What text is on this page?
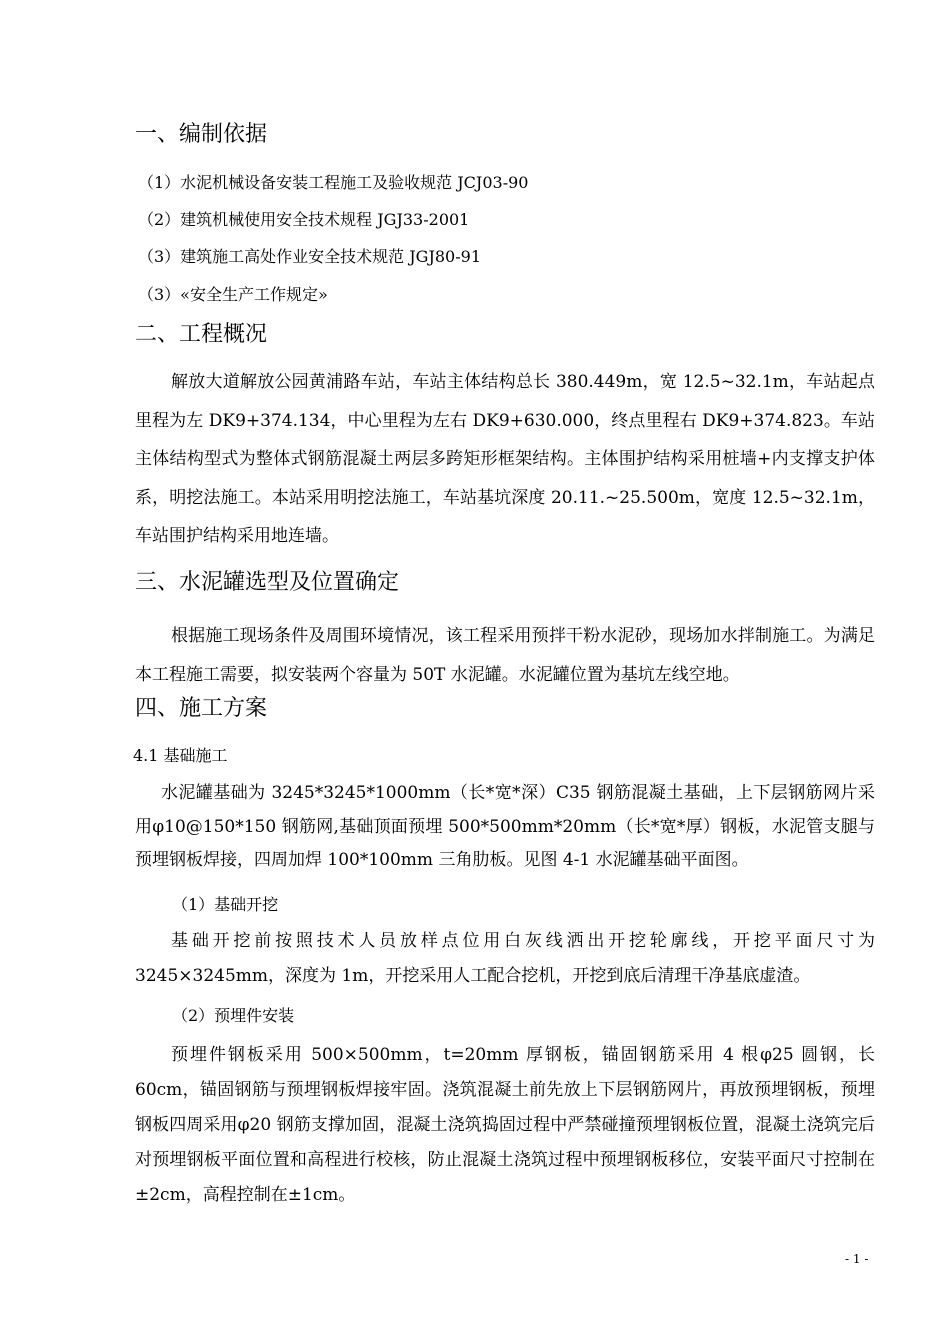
一、编制依据
（1）水泥机械设备安装工程施工及验收规范 JCJ03-90
（2）建筑机械使用安全技术规程 JGJ33-2001
（3）建筑施工高处作业安全技术规范 JGJ80-91
（3）«安全生产工作规定»
二、工程概况
解放大道解放公园黄浦路车站，车站主体结构总长 380.449m，宽 12.5~32.1m，车站起点里程为左 DK9+374.134，中心里程为左右 DK9+630.000，终点里程右 DK9+374.823。车站主体结构型式为整体式钢筋混凝土两层多跨矩形框架结构。主体围护结构采用桩墙+内支撑支护体系，明挖法施工。本站采用明挖法施工，车站基坑深度 20.11.~25.500m，宽度 12.5~32.1m，车站围护结构采用地连墙。
三、水泥罐选型及位置确定
根据施工现场条件及周围环境情况，该工程采用预拌干粉水泥砂，现场加水拌制施工。为满足本工程施工需要，拟安装两个容量为 50T 水泥罐。水泥罐位置为基坑左线空地。
四、施工方案
4.1 基础施工
水泥罐基础为 3245*3245*1000mm（长*宽*深）C35 钢筋混凝土基础，上下层钢筋网片采用φ10@150*150 钢筋网,基础顶面预埋 500*500mm*20mm（长*宽*厚）钢板，水泥管支腿与预埋钢板焊接，四周加焊 100*100mm 三角肋板。见图 4-1 水泥罐基础平面图。
（1）基础开挖
基础开挖前按照技术人员放样点位用白灰线洒出开挖轮廓线，开挖平面尺寸为 3245×3245mm，深度为 1m，开挖采用人工配合挖机，开挖到底后清理干净基底虚渣。
（2）预埋件安装
预埋件钢板采用 500×500mm，t=20mm 厚钢板，锚固钢筋采用 4 根φ25 圆钢，长 60cm，锚固钢筋与预埋钢板焊接牢固。浇筑混凝土前先放上下层钢筋网片，再放预埋钢板，预埋钢板四周采用φ20 钢筋支撑加固，混凝土浇筑捣固过程中严禁碰撞预埋钢板位置，混凝土浇筑完后对预埋钢板平面位置和高程进行校核，防止混凝土浇筑过程中预埋钢板移位，安装平面尺寸控制在±2cm，高程控制在±1cm。
- 1 -
